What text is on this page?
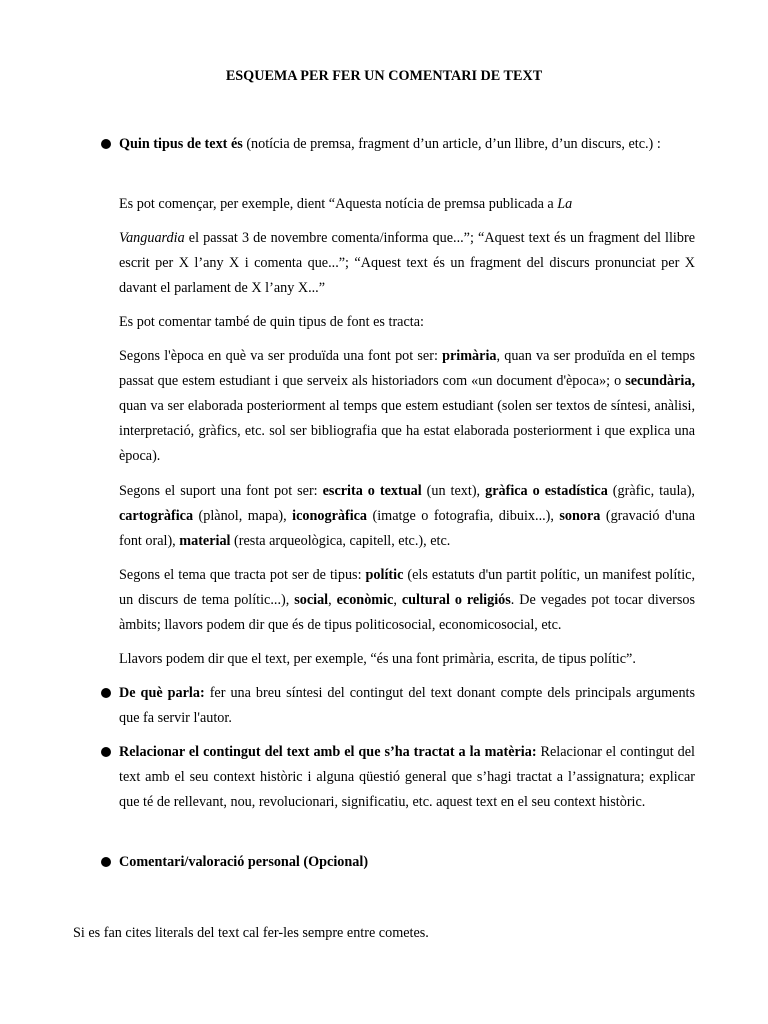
ESQUEMA PER FER UN COMENTARI DE TEXT
Quin tipus de text és (notícia de premsa, fragment d’un article, d’un llibre, d’un discurs, etc.) :
Es pot començar, per exemple, dient “Aquesta notícia de premsa publicada a La
Vanguardia el passat 3 de novembre comenta/informa que...”; “Aquest text és un fragment del llibre escrit per X l’any X i comenta que...”; “Aquest text és un fragment del discurs pronunciat per X davant el parlament de X l’any X...”
Es pot comentar també de quin tipus de font es tracta:
Segons l'època en què va ser produïda una font pot ser: primària, quan va ser produïda en el temps passat que estem estudiant i que serveix als historiadors com «un document d'època»; o secundària, quan va ser elaborada posteriorment al temps que estem estudiant (solen ser textos de síntesi, anàlisi, interpretació, gràfics, etc. sol ser bibliografia que ha estat elaborada posteriorment i que explica una època).
Segons el suport una font pot ser: escrita o textual (un text), gràfica o estadística (gràfic, taula), cartogràfica (plànol, mapa), iconogràfica (imatge o fotografia, dibuix...), sonora (gravació d'una font oral), material (resta arqueològica, capitell, etc.), etc.
Segons el tema que tracta pot ser de tipus: polític (els estatuts d'un partit polític, un manifest polític, un discurs de tema polític...), social, econòmic, cultural o religiós. De vegades pot tocar diversos àmbits; llavors podem dir que és de tipus politicosocial, economicosocial, etc.
Llavors podem dir que el text, per exemple, “és una font primària, escrita, de tipus polític”.
De què parla: fer una breu síntesi del contingut del text donant compte dels principals arguments que fa servir l'autor.
Relacionar el contingut del text amb el que s’ha tractat a la matèria: Relacionar el contingut del text amb el seu context històric i alguna qüestió general que s’hagi tractat a l’assignatura; explicar que té de rellevant, nou, revolucionari, significatiu, etc. aquest text en el seu context històric.
Comentari/valoració personal (Opcional)
Si es fan cites literals del text cal fer-les sempre entre cometes.
